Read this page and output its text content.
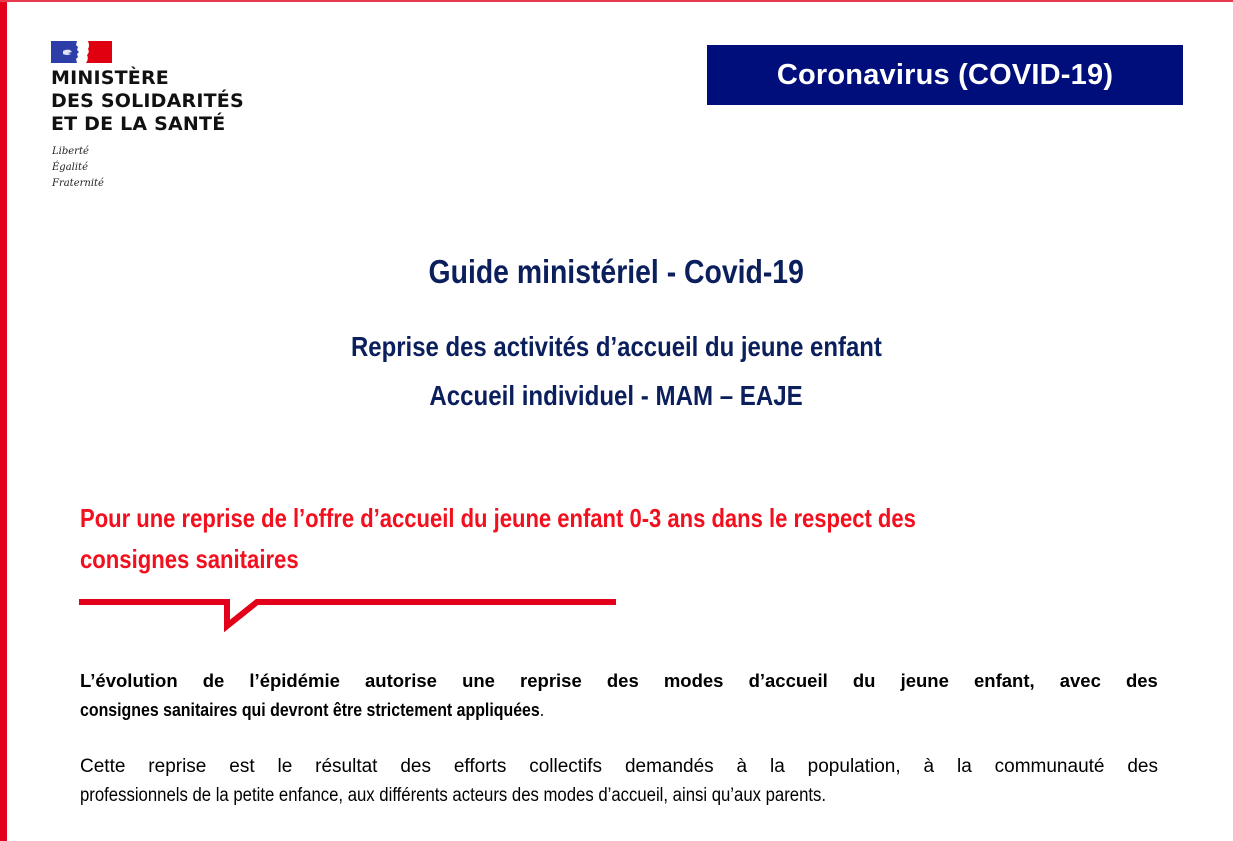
MINISTÈRE
DES SOLIDARITÉS
ET DE LA SANTÉ
Liberté
Égalité
Fraternité
Coronavirus (COVID-19)
Guide ministériel - Covid-19
Reprise des activités d’accueil du jeune enfant
Accueil individuel - MAM – EAJE
Pour une reprise de l’offre d’accueil du jeune enfant 0-3 ans dans le respect des
consignes sanitaires
L’évolution de l’épidémie autorise une reprise des modes d’accueil du jeune enfant, avec des
consignes sanitaires qui devront être strictement appliquées.
Cette reprise est le résultat des efforts collectifs demandés à la population, à la communauté des
professionnels de la petite enfance, aux différents acteurs des modes d’accueil, ainsi qu’aux parents.
